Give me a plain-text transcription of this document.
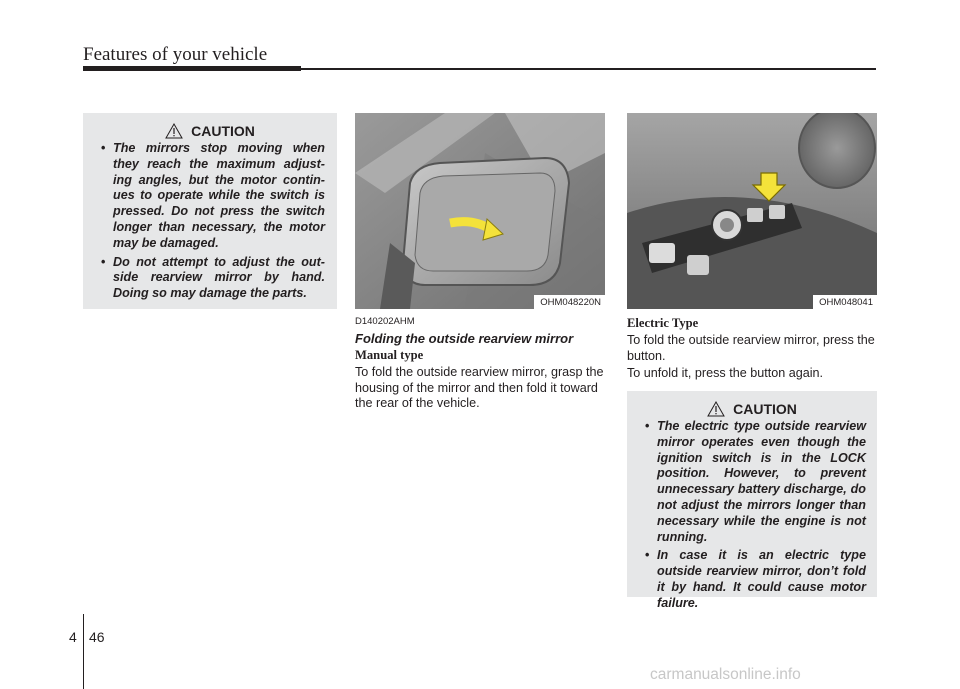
Features of your vehicle
CAUTION
• The mirrors stop moving when they reach the maximum adjust- ing angles, but the motor contin- ues to operate while the switch is pressed. Do not press the switch longer than necessary, the motor may be damaged.
• Do not attempt to adjust the out- side rearview mirror by hand. Doing so may damage the parts.
OHM048220N	OHM048041
D140202AHM
Folding the outside rearview mirror
Manual type

To fold the outside rearview mirror, grasp the housing of the mirror and then fold it toward the rear of the vehicle.

Electric Type

To fold the outside rearview mirror, press the button.

To unfold it, press the button again.

CAUTION
• The electric type outside rearview mirror operates even though the ignition switch is in the LOCK position. However, to prevent unnecessary battery discharge, do not adjust the mirrors longer than necessary while the engine is not running.
• In case it is an electric type outside rearview mirror, don’t fold it by hand. It could cause motor failure.
4 46
carmanualsonline.info
